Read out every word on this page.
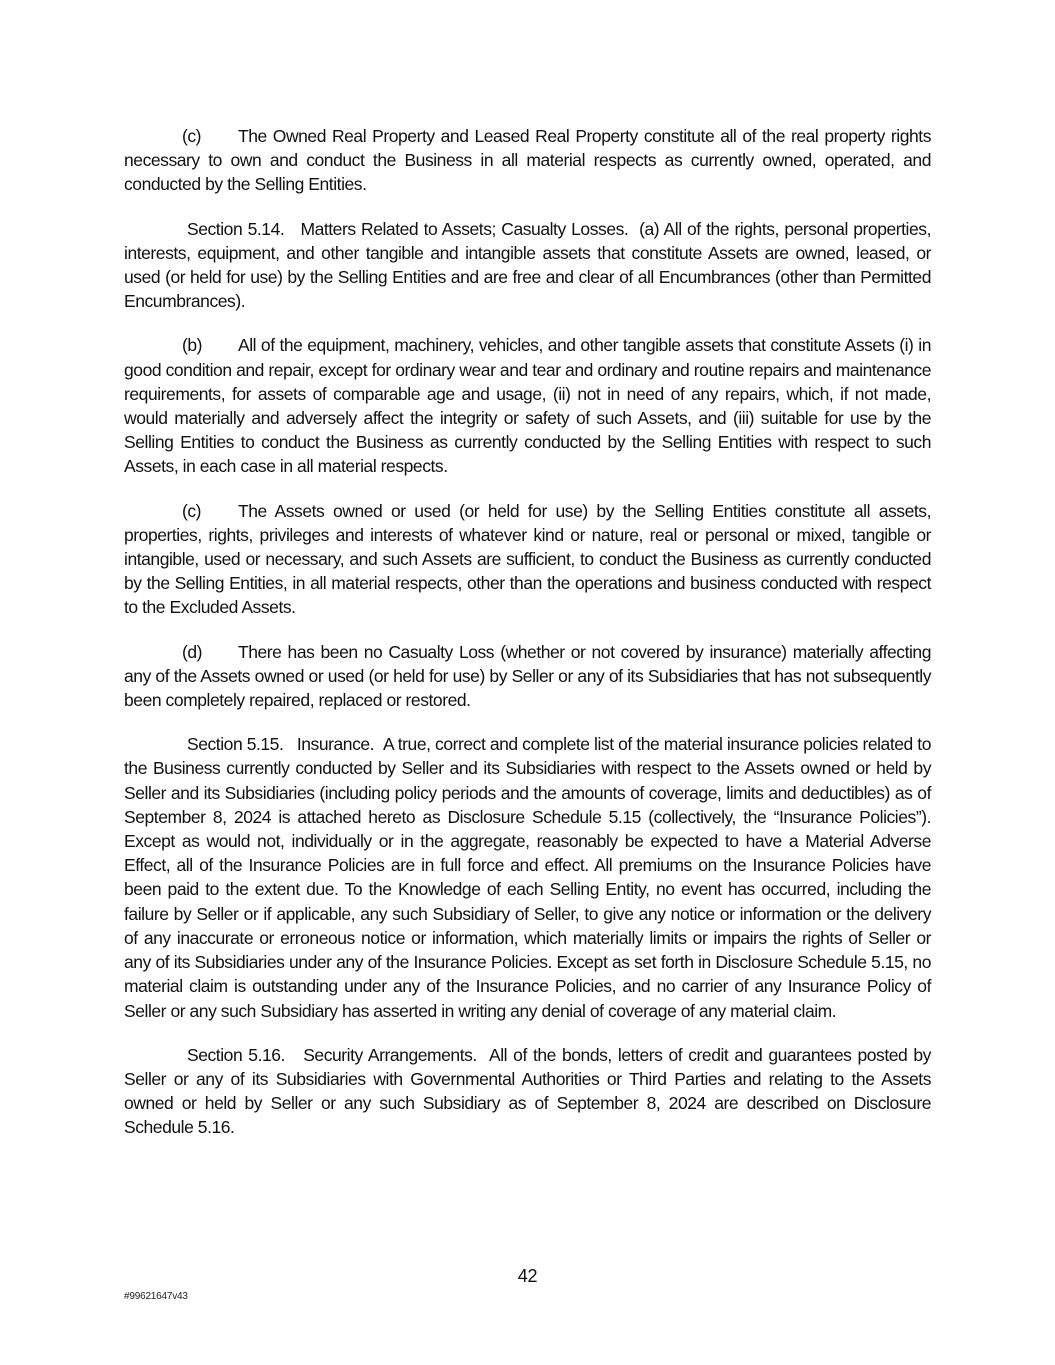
(c) The Owned Real Property and Leased Real Property constitute all of the real property rights necessary to own and conduct the Business in all material respects as currently owned, operated, and conducted by the Selling Entities.

Section 5.14. Matters Related to Assets; Casualty Losses. (a) All of the rights, personal properties, interests, equipment, and other tangible and intangible assets that constitute Assets are owned, leased, or used (or held for use) by the Selling Entities and are free and clear of all Encumbrances (other than Permitted Encumbrances).

(b) All of the equipment, machinery, vehicles, and other tangible assets that constitute Assets (i) in good condition and repair, except for ordinary wear and tear and ordinary and routine repairs and maintenance requirements, for assets of comparable age and usage, (ii) not in need of any repairs, which, if not made, would materially and adversely affect the integrity or safety of such Assets, and (iii) suitable for use by the Selling Entities to conduct the Business as currently conducted by the Selling Entities with respect to such Assets, in each case in all material respects.

(c) The Assets owned or used (or held for use) by the Selling Entities constitute all assets, properties, rights, privileges and interests of whatever kind or nature, real or personal or mixed, tangible or intangible, used or necessary, and such Assets are sufficient, to conduct the Business as currently conducted by the Selling Entities, in all material respects, other than the operations and business conducted with respect to the Excluded Assets.

(d) There has been no Casualty Loss (whether or not covered by insurance) materially affecting any of the Assets owned or used (or held for use) by Seller or any of its Subsidiaries that has not subsequently been completely repaired, replaced or restored.

Section 5.15. Insurance. A true, correct and complete list of the material insurance policies related to the Business currently conducted by Seller and its Subsidiaries with respect to the Assets owned or held by Seller and its Subsidiaries (including policy periods and the amounts of coverage, limits and deductibles) as of September 8, 2024 is attached hereto as Disclosure Schedule 5.15 (collectively, the “Insurance Policies”). Except as would not, individually or in the aggregate, reasonably be expected to have a Material Adverse Effect, all of the Insurance Policies are in full force and effect. All premiums on the Insurance Policies have been paid to the extent due. To the Knowledge of each Selling Entity, no event has occurred, including the failure by Seller or if applicable, any such Subsidiary of Seller, to give any notice or information or the delivery of any inaccurate or erroneous notice or information, which materially limits or impairs the rights of Seller or any of its Subsidiaries under any of the Insurance Policies. Except as set forth in Disclosure Schedule 5.15, no material claim is outstanding under any of the Insurance Policies, and no carrier of any Insurance Policy of Seller or any such Subsidiary has asserted in writing any denial of coverage of any material claim.

Section 5.16. Security Arrangements. All of the bonds, letters of credit and guarantees posted by Seller or any of its Subsidiaries with Governmental Authorities or Third Parties and relating to the Assets owned or held by Seller or any such Subsidiary as of September 8, 2024 are described on Disclosure Schedule 5.16.

42
#99621647v43
